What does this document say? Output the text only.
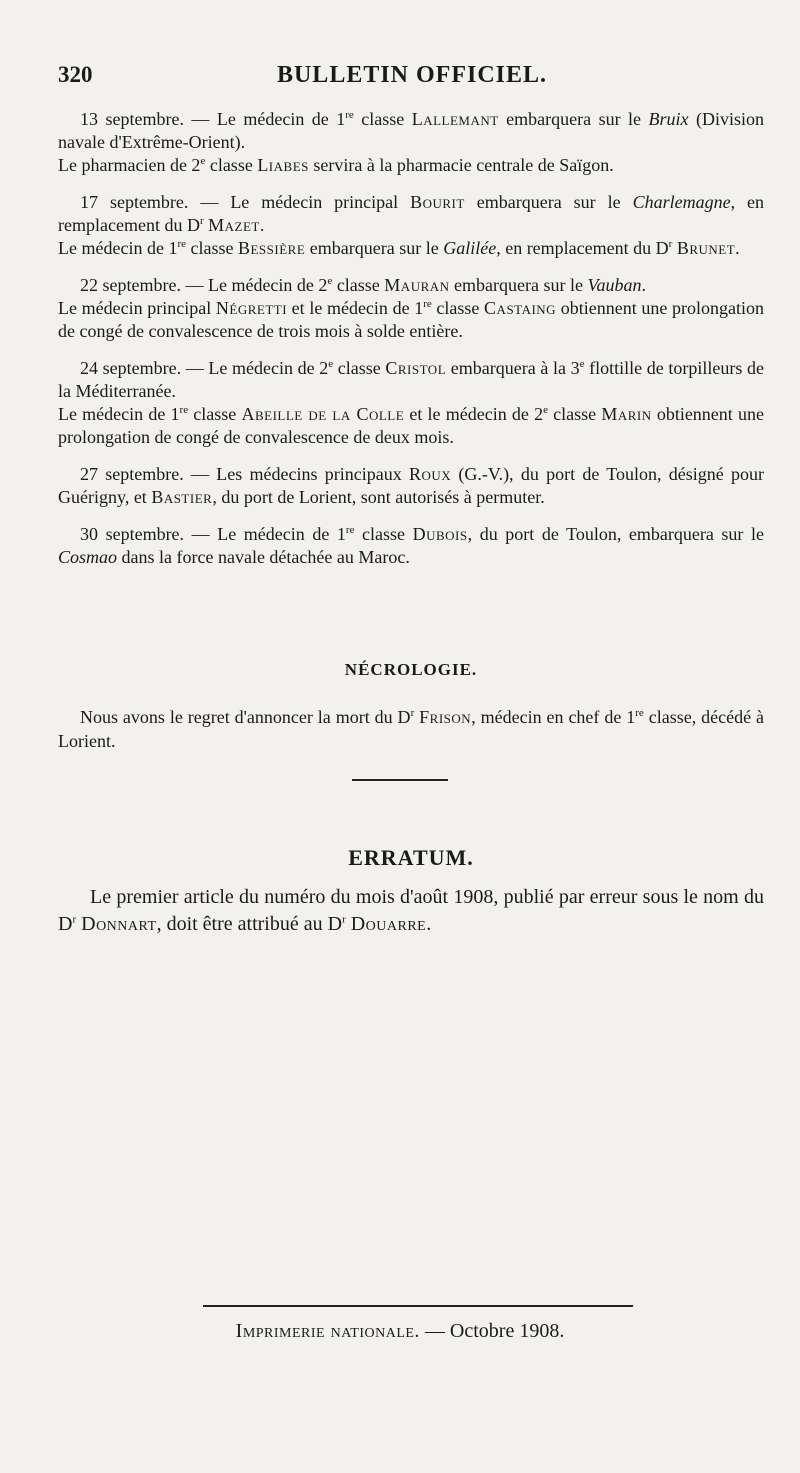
320	BULLETIN OFFICIEL.

13 septembre. — Le médecin de 1re classe Lallemant embarquera sur le Bruix (Division navale d'Extrême-Orient).

Le pharmacien de 2e classe Liabes servira à la pharmacie centrale de Saïgon.

17 septembre. — Le médecin principal Bourit embarquera sur le Charlemagne, en remplacement du $D^r$ Mazet.

Le médecin de 1re classe Bessière embarquera sur le Galilée, en remplacement du $D^r$ Brunet.

22 septembre. — Le médecin de 2e classe Mauran embarquera sur le Vauban.

Le médecin principal Négretti et le médecin de 1re classe Castaing obtiennent une prolongation de congé de convalescence de trois mois à solde entière.

24 septembre. — Le médecin de 2e classe Cristol embarquera à la 3e flottille de torpilleurs de la Méditerranée.

Le médecin de 1re classe Abeille de la Colle et le médecin de 2e classe Marin obtiennent une prolongation de congé de convalescence de deux mois.

27 septembre. — Les médecins principaux Roux (G.-V.), du port de Toulon, désigné pour Guérigny, et Bastier, du port de Lorient, sont autorisés à permuter.

30 septembre. — Le médecin de 1re classe Dubois, du port de Toulon, embarquera sur le Cosmao dans la force navale détachée au Maroc.

NÉCROLOGIE.

Nous avons le regret d'annoncer la mort du $D^r$ Frison, médecin en chef de 1re classe, décédé à Lorient.

ERRATUM.

Le premier article du numéro du mois d'août 1908, publié par erreur sous le nom du $D^r$ Donnart, doit être attribué au $D^r$ Douarre.

Imprimerie nationale. — Octobre 1908.
